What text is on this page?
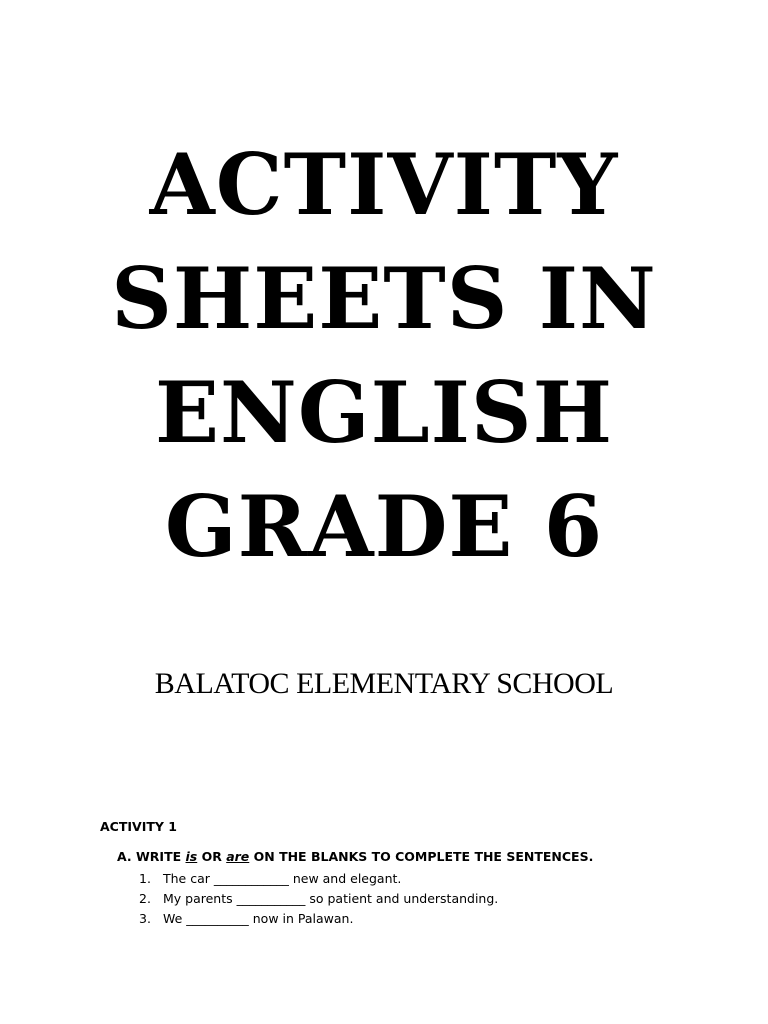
ACTIVITY
SHEETS IN
ENGLISH
GRADE 6
BALATOC ELEMENTARY SCHOOL
ACTIVITY 1
A. WRITE is OR are ON THE BLANKS TO COMPLETE THE SENTENCES.
1. The car ____________ new and elegant.
2. My parents ___________ so patient and understanding.
3. We __________ now in Palawan.
